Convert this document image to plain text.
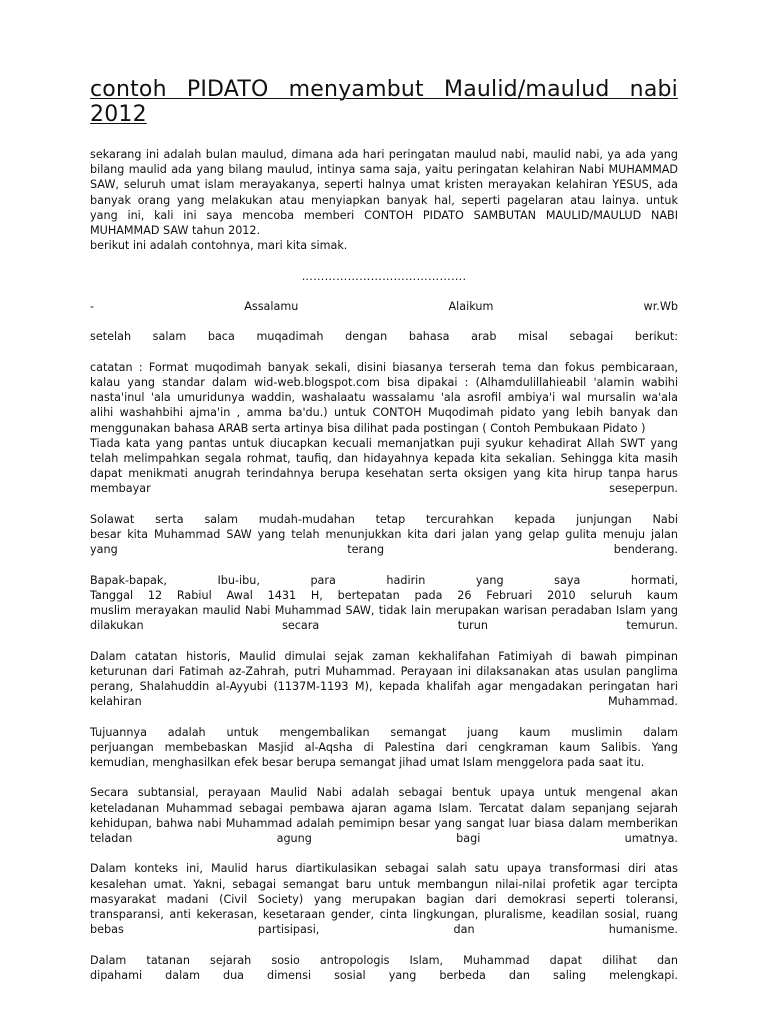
contoh PIDATO menyambut Maulid/maulud nabi 2012
sekarang ini adalah bulan maulud, dimana ada hari peringatan maulud nabi, maulid nabi, ya ada yang
bilang maulid ada yang bilang maulud, intinya sama saja, yaitu peringatan kelahiran Nabi MUHAMMAD
SAW, seluruh umat islam merayakanya, seperti halnya umat kristen merayakan kelahiran YESUS, ada
banyak orang yang melakukan atau menyiapkan banyak hal, seperti pagelaran atau lainya. untuk
yang ini, kali ini saya mencoba memberi CONTOH PIDATO SAMBUTAN MAULID/MAULUD NABI
MUHAMMAD SAW tahun 2012.
berikut ini adalah contohnya, mari kita simak.
…………………………………….
- Assalamu Alaikum wr.Wb
setelah salam baca muqadimah dengan bahasa arab misal sebagai berikut:
catatan : Format muqodimah banyak sekali, disini biasanya terserah tema dan fokus pembicaraan,
kalau yang standar dalam wid-web.blogspot.com bisa dipakai : (Alhamdulillahieabil 'alamin wabihi
nasta'inul 'ala umuridunya waddin, washalaatu wassalamu 'ala asrofil ambiya'i wal mursalin wa'ala
alihi washahbihi ajma'in , amma ba'du.) untuk CONTOH Muqodimah pidato yang lebih banyak dan
menggunakan bahasa ARAB serta artinya bisa dilihat pada postingan ( Contoh Pembukaan Pidato )
Tiada kata yang pantas untuk diucapkan kecuali memanjatkan puji syukur kehadirat Allah SWT yang
telah melimpahkan segala rohmat, taufiq, dan hidayahnya kepada kita sekalian. Sehingga kita masih
dapat menikmati anugrah terindahnya berupa kesehatan serta oksigen yang kita hirup tanpa harus
membayar seseperpun.
Solawat serta salam mudah-mudahan tetap tercurahkan kepada junjungan Nabi
besar kita Muhammad SAW yang telah menunjukkan kita dari jalan yang gelap gulita menuju jalan
yang terang benderang.
Bapak-bapak, Ibu-ibu, para hadirin yang saya hormati,
Tanggal 12 Rabiul Awal 1431 H, bertepatan pada 26 Februari 2010 seluruh kaum
muslim merayakan maulid Nabi Muhammad SAW, tidak lain merupakan warisan peradaban Islam yang
dilakukan secara turun temurun.
Dalam catatan historis, Maulid dimulai sejak zaman kekhalifahan Fatimiyah di bawah pimpinan
keturunan dari Fatimah az-Zahrah, putri Muhammad. Perayaan ini dilaksanakan atas usulan panglima
perang, Shalahuddin al-Ayyubi (1137M-1193 M), kepada khalifah agar mengadakan peringatan hari
kelahiran Muhammad.
Tujuannya adalah untuk mengembalikan semangat juang kaum muslimin dalam
perjuangan membebaskan Masjid al-Aqsha di Palestina dari cengkraman kaum Salibis. Yang
kemudian, menghasilkan efek besar berupa semangat jihad umat Islam menggelora pada saat itu.
Secara subtansial, perayaan Maulid Nabi adalah sebagai bentuk upaya untuk mengenal akan
keteladanan Muhammad sebagai pembawa ajaran agama Islam. Tercatat dalam sepanjang sejarah
kehidupan, bahwa nabi Muhammad adalah pemimipn besar yang sangat luar biasa dalam memberikan
teladan agung bagi umatnya.
Dalam konteks ini, Maulid harus diartikulasikan sebagai salah satu upaya transformasi diri atas
kesalehan umat. Yakni, sebagai semangat baru untuk membangun nilai-nilai profetik agar tercipta
masyarakat madani (Civil Society) yang merupakan bagian dari demokrasi seperti toleransi,
transparansi, anti kekerasan, kesetaraan gender, cinta lingkungan, pluralisme, keadilan sosial, ruang
bebas partisipasi, dan humanisme.
Dalam tatanan sejarah sosio antropologis Islam, Muhammad dapat dilihat dan
dipahami dalam dua dimensi sosial yang berbeda dan saling melengkapi.
